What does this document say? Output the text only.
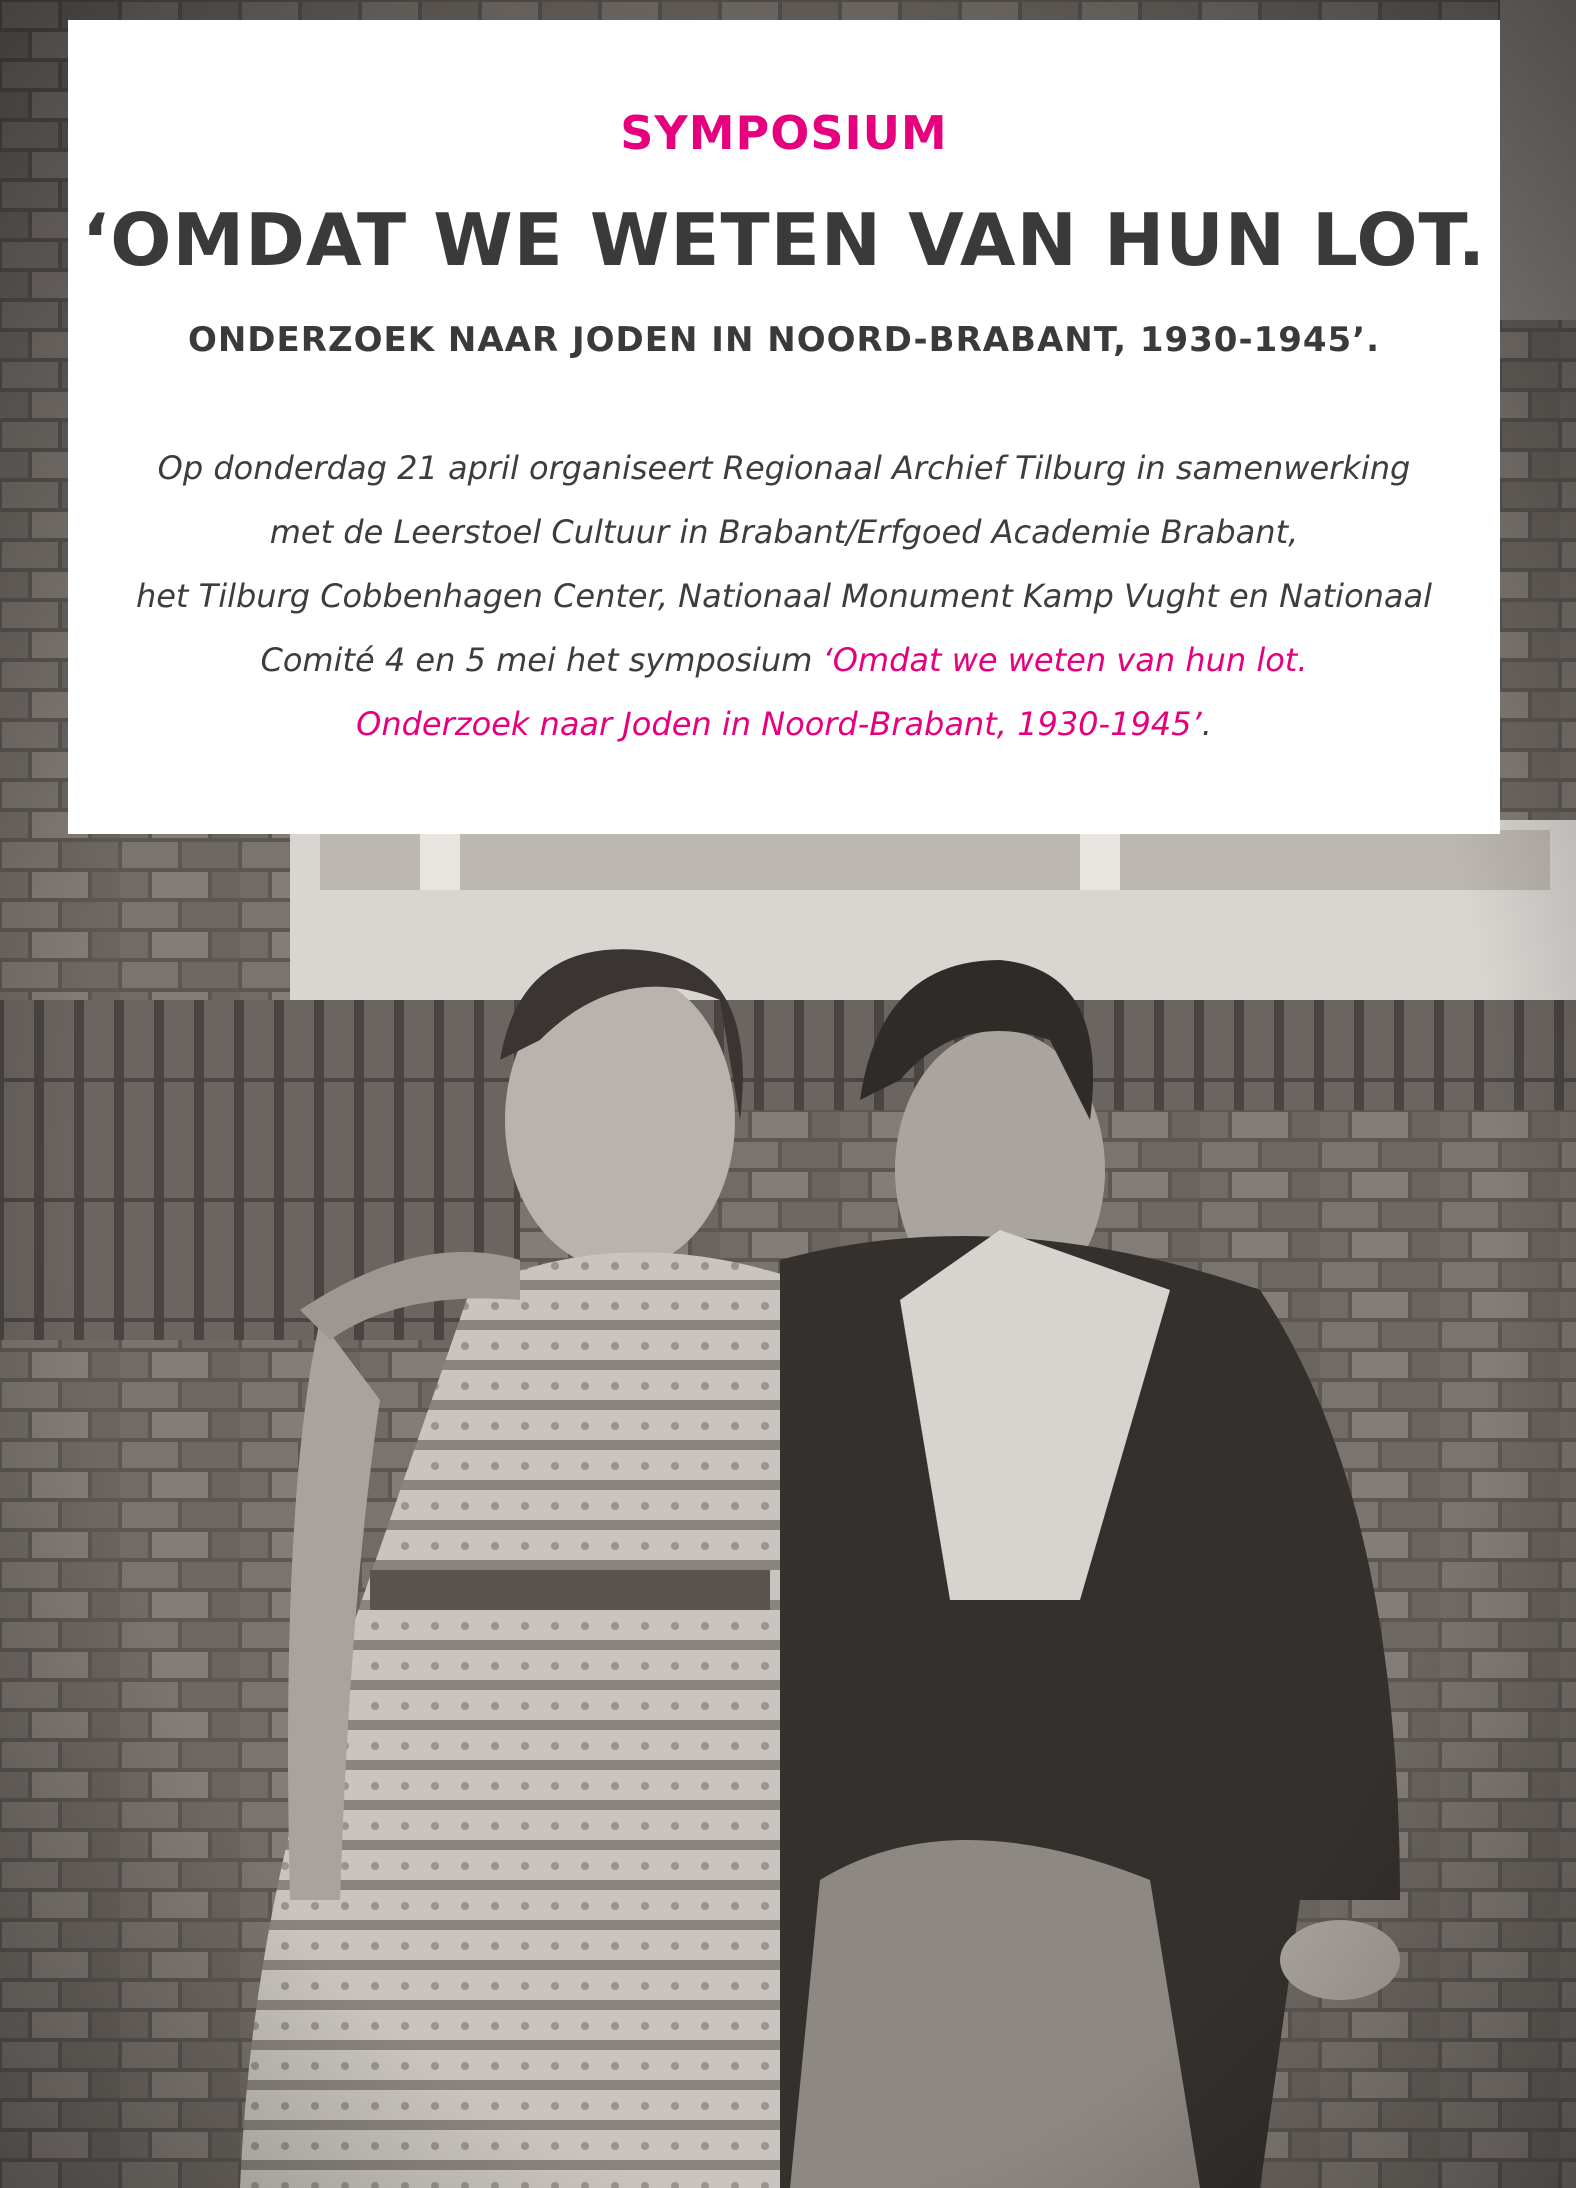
SYMPOSIUM
‘OMDAT WE WETEN VAN HUN LOT.
ONDERZOEK NAAR JODEN IN NOORD-BRABANT, 1930-1945’.
Op donderdag 21 april organiseert Regionaal Archief Tilburg in samenwerking
met de Leerstoel Cultuur in Brabant/Erfgoed Academie Brabant,
het Tilburg Cobbenhagen Center, Nationaal Monument Kamp Vught en Nationaal
Comité 4 en 5 mei het symposium ‘Omdat we weten van hun lot.
Onderzoek naar Joden in Noord-Brabant, 1930-1945’.
